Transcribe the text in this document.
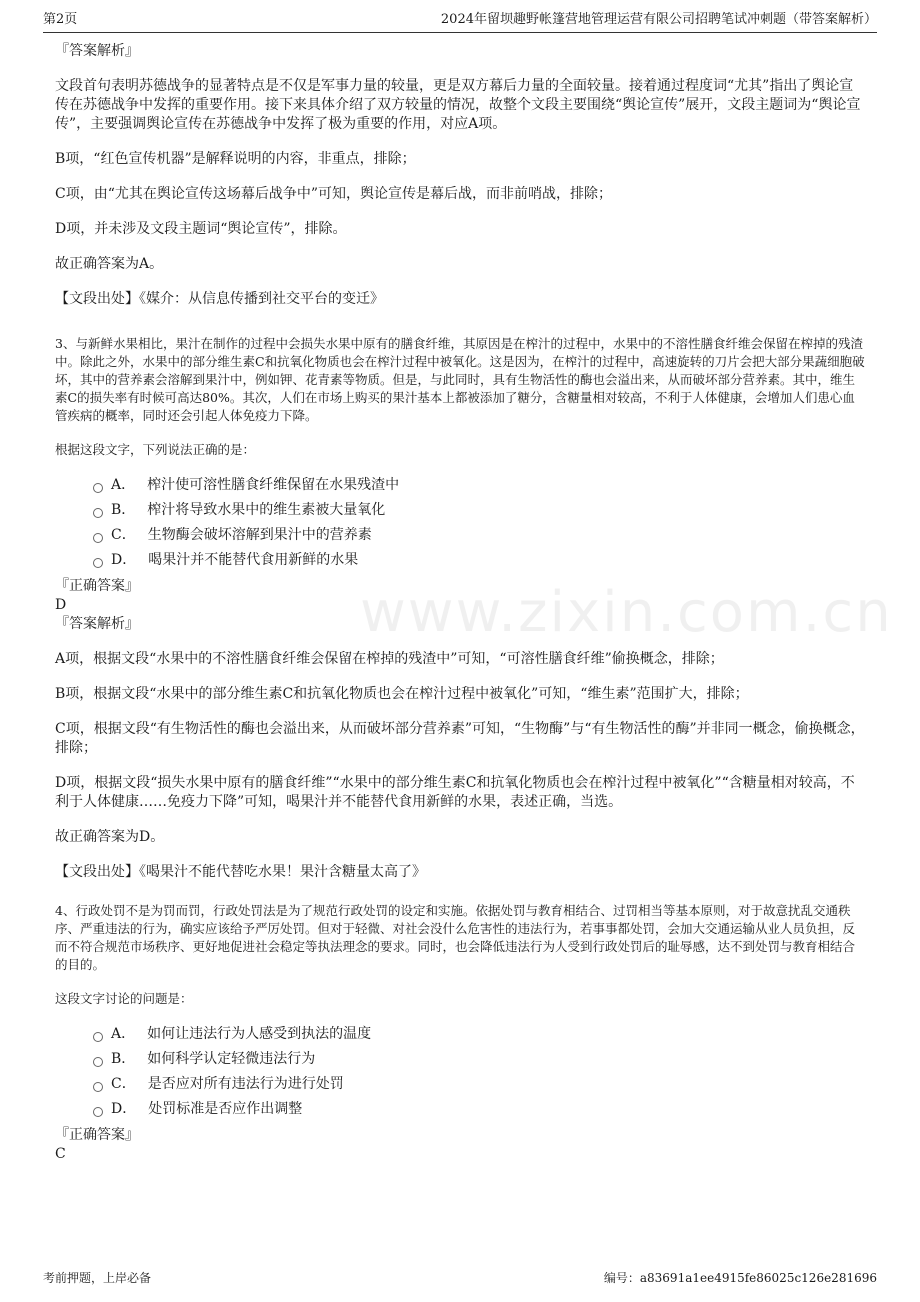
第2页	2024年留坝趣野帐篷营地管理运营有限公司招聘笔试冲刺题（带答案解析）
www.zixin.com.cn

『答案解析』

文段首句表明苏德战争的显著特点是不仅是军事力量的较量，更是双方幕后力量的全面较量。接着通过程度词“尤其”指出了舆论宣传在苏德战争中发挥的重要作用。接下来具体介绍了双方较量的情况，故整个文段主要围绕“舆论宣传”展开，文段主题词为“舆论宣传”，主要强调舆论宣传在苏德战争中发挥了极为重要的作用，对应A项。

B项，“红色宣传机器”是解释说明的内容，非重点，排除；

C项，由“尤其在舆论宣传这场幕后战争中”可知，舆论宣传是幕后战，而非前哨战，排除；

D项，并未涉及文段主题词“舆论宣传”，排除。

故正确答案为A。

【文段出处】《媒介：从信息传播到社交平台的变迁》

3、与新鲜水果相比，果汁在制作的过程中会损失水果中原有的膳食纤维，其原因是在榨汁的过程中，水果中的不溶性膳食纤维会保留在榨掉的残渣中。除此之外，水果中的部分维生素C和抗氧化物质也会在榨汁过程中被氧化。这是因为，在榨汁的过程中，高速旋转的刀片会把大部分果蔬细胞破坏，其中的营养素会溶解到果汁中，例如钾、花青素等物质。但是，与此同时，具有生物活性的酶也会溢出来，从而破坏部分营养素。其中，维生素C的损失率有时候可高达80%。其次，人们在市场上购买的果汁基本上都被添加了糖分，含糖量相对较高，不利于人体健康，会增加人们患心血管疾病的概率，同时还会引起人体免疫力下降。

根据这段文字，下列说法正确的是：

A． 榨汁使可溶性膳食纤维保留在水果残渣中
B． 榨汁将导致水果中的维生素被大量氧化
C． 生物酶会破坏溶解到果汁中的营养素
D． 喝果汁并不能替代食用新鲜的水果

『正确答案』

D

『答案解析』

A项，根据文段“水果中的不溶性膳食纤维会保留在榨掉的残渣中”可知，“可溶性膳食纤维”偷换概念，排除；

B项，根据文段“水果中的部分维生素C和抗氧化物质也会在榨汁过程中被氧化”可知，“维生素”范围扩大，排除；

C项，根据文段“有生物活性的酶也会溢出来，从而破坏部分营养素”可知，“生物酶”与“有生物活性的酶”并非同一概念，偷换概念，排除；

D项，根据文段“损失水果中原有的膳食纤维”“水果中的部分维生素C和抗氧化物质也会在榨汁过程中被氧化”“含糖量相对较高，不利于人体健康……免疫力下降”可知，喝果汁并不能替代食用新鲜的水果，表述正确，当选。

故正确答案为D。

【文段出处】《喝果汁不能代替吃水果！果汁含糖量太高了》

4、行政处罚不是为罚而罚，行政处罚法是为了规范行政处罚的设定和实施。依据处罚与教育相结合、过罚相当等基本原则，对于故意扰乱交通秩序、严重违法的行为，确实应该给予严厉处罚。但对于轻微、对社会没什么危害性的违法行为，若事事都处罚，会加大交通运输从业人员负担，反而不符合规范市场秩序、更好地促进社会稳定等执法理念的要求。同时，也会降低违法行为人受到行政处罚后的耻辱感，达不到处罚与教育相结合的目的。

这段文字讨论的问题是：

A． 如何让违法行为人感受到执法的温度
B． 如何科学认定轻微违法行为
C． 是否应对所有违法行为进行处罚
D． 处罚标准是否应作出调整

『正确答案』

C

考前押题，上岸必备	编号：a83691a1ee4915fe86025c126e281696
